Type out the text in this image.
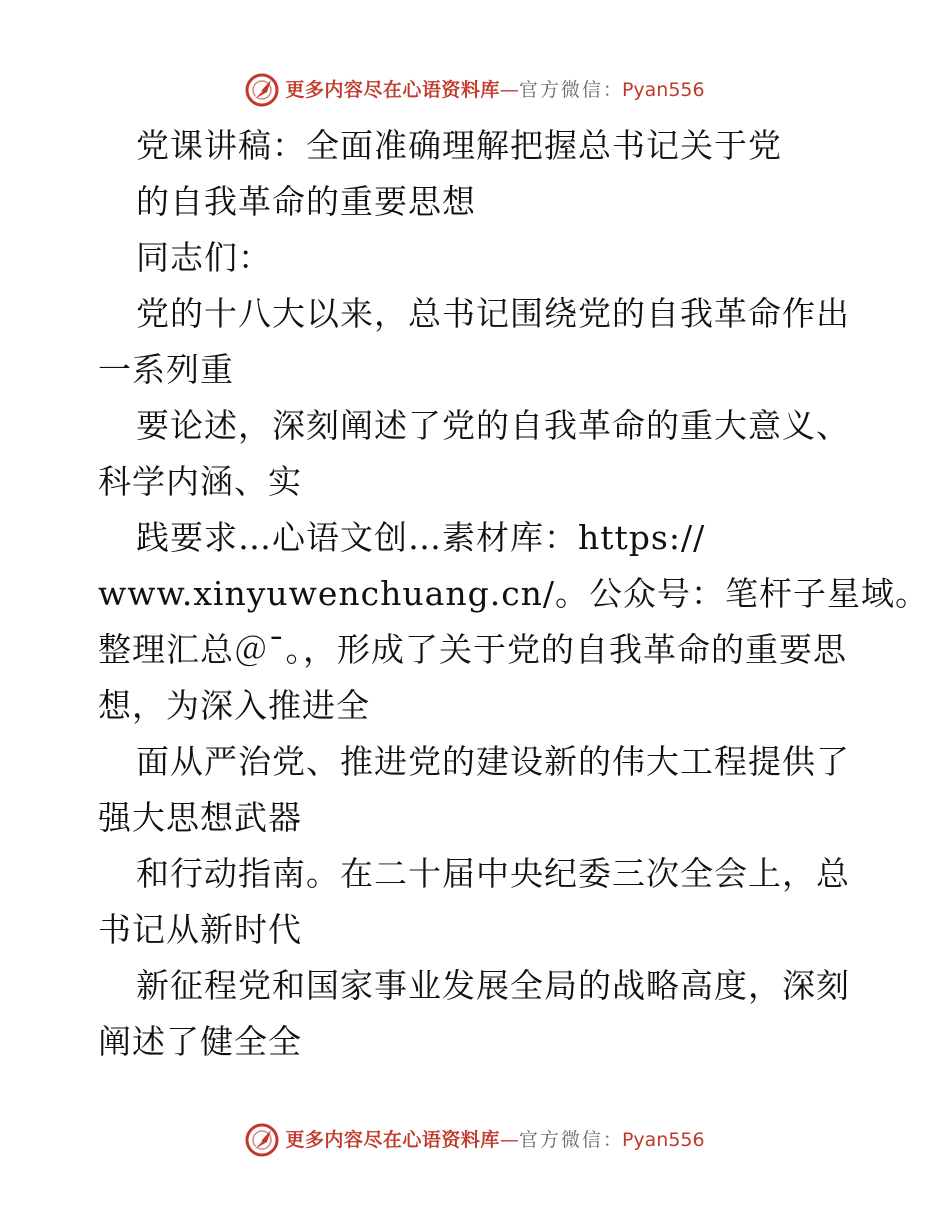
更多内容尽在心语资料库—官方微信：Pyan556
党课讲稿：全面准确理解把握总书记关于党
的自我革命的重要思想
同志们：
党的十八大以来，总书记围绕党的自我革命作出
一系列重
要论述，深刻阐述了党的自我革命的重大意义、
科学内涵、实
践要求…心语文创…素材库：https://
www.xinyuwenchuang.cn/。公众号：笔杆子星域。
整理汇总＠¯。，形成了关于党的自我革命的重要思
想，为深入推进全
面从严治党、推进党的建设新的伟大工程提供了
强大思想武器
和行动指南。在二十届中央纪委三次全会上，总
书记从新时代
新征程党和国家事业发展全局的战略高度，深刻
阐述了健全全
更多内容尽在心语资料库—官方微信：Pyan556
